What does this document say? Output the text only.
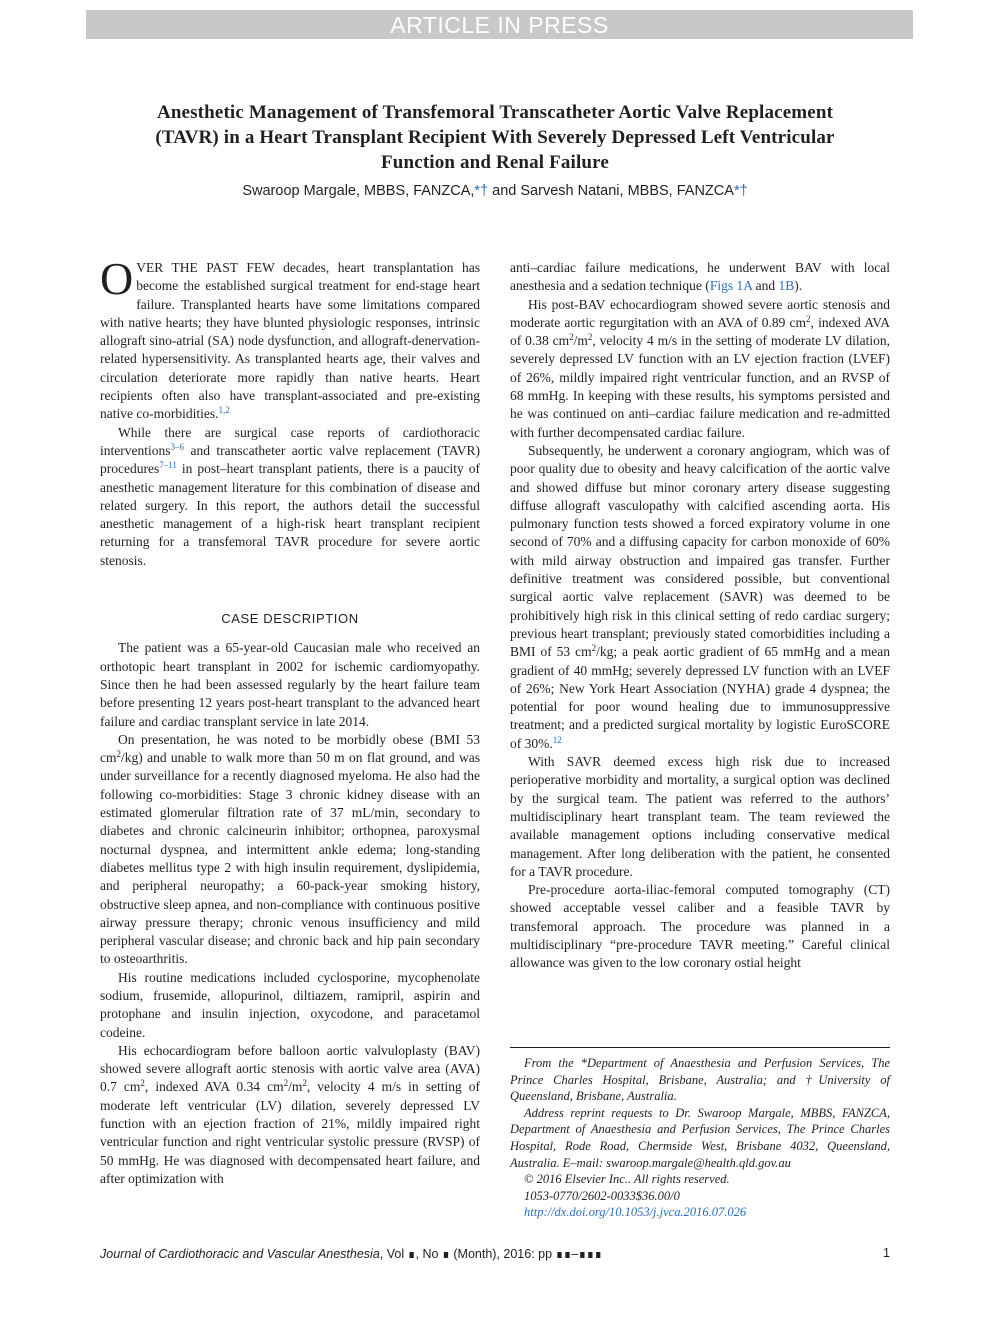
ARTICLE IN PRESS
Anesthetic Management of Transfemoral Transcatheter Aortic Valve Replacement
(TAVR) in a Heart Transplant Recipient With Severely Depressed Left Ventricular
Function and Renal Failure
Swaroop Margale, MBBS, FANZCA,*† and Sarvesh Natani, MBBS, FANZCA*†

OVER THE PAST FEW decades, heart transplantation has become the established surgical treatment for end-stage heart failure. Transplanted hearts have some limitations compared with native hearts; they have blunted physiologic responses, intrinsic allograft sino-atrial (SA) node dysfunction, and allograft-denervation-related hypersensitivity. As transplanted hearts age, their valves and circulation deteriorate more rapidly than native hearts. Heart recipients often also have transplant-associated and pre-existing native co-morbidities.$^{1,2}$

While there are surgical case reports of cardiothoracic interventions$^{3-6}$ and transcatheter aortic valve replacement (TAVR) procedures$^{7-11}$ in post–heart transplant patients, there is a paucity of anesthetic management literature for this combination of disease and related surgery. In this report, the authors detail the successful anesthetic management of a high-risk heart transplant recipient returning for a transfemoral TAVR procedure for severe aortic stenosis.

CASE DESCRIPTION

The patient was a 65-year-old Caucasian male who received an orthotopic heart transplant in 2002 for ischemic cardiomyopathy. Since then he had been assessed regularly by the heart failure team before presenting 12 years post-heart transplant to the advanced heart failure and cardiac transplant service in late 2014.

On presentation, he was noted to be morbidly obese (BMI 53 $cm^2/kg$) and unable to walk more than 50 m on flat ground, and was under surveillance for a recently diagnosed myeloma. He also had the following co-morbidities: Stage 3 chronic kidney disease with an estimated glomerular filtration rate of 37 mL/min, secondary to diabetes and chronic calcineurin inhibitor; orthopnea, paroxysmal nocturnal dyspnea, and intermittent ankle edema; long-standing diabetes mellitus type 2 with high insulin requirement, dyslipidemia, and peripheral neuropathy; a 60-pack-year smoking history, obstructive sleep apnea, and non-compliance with continuous positive airway pressure therapy; chronic venous insufficiency and mild peripheral vascular disease; and chronic back and hip pain secondary to osteoarthritis.

His routine medications included cyclosporine, mycophenolate sodium, frusemide, allopurinol, diltiazem, ramipril, aspirin and protophane and insulin injection, oxycodone, and paracetamol codeine.

His echocardiogram before balloon aortic valvuloplasty (BAV) showed severe allograft aortic stenosis with aortic valve area (AVA) 0.7 $cm^2$, indexed AVA 0.34 $cm^2/m^2$, velocity 4 m/s in setting of moderate left ventricular (LV) dilation, severely depressed LV function with an ejection fraction of 21%, mildly impaired right ventricular function and right ventricular systolic pressure (RVSP) of 50 mmHg. He was diagnosed with decompensated heart failure, and after optimization with

anti–cardiac failure medications, he underwent BAV with local anesthesia and a sedation technique (Figs 1A and 1B).

His post-BAV echocardiogram showed severe aortic stenosis and moderate aortic regurgitation with an AVA of 0.89 $cm^2$, indexed AVA of 0.38 $cm^2/m^2$, velocity 4 m/s in the setting of moderate LV dilation, severely depressed LV function with an LV ejection fraction (LVEF) of 26%, mildly impaired right ventricular function, and an RVSP of 68 mmHg. In keeping with these results, his symptoms persisted and he was continued on anti–cardiac failure medication and re-admitted with further decompensated cardiac failure.

Subsequently, he underwent a coronary angiogram, which was of poor quality due to obesity and heavy calcification of the aortic valve and showed diffuse but minor coronary artery disease suggesting diffuse allograft vasculopathy with calcified ascending aorta. His pulmonary function tests showed a forced expiratory volume in one second of 70% and a diffusing capacity for carbon monoxide of 60% with mild airway obstruction and impaired gas transfer. Further definitive treatment was considered possible, but conventional surgical aortic valve replacement (SAVR) was deemed to be prohibitively high risk in this clinical setting of redo cardiac surgery; previous heart transplant; previously stated comorbidities including a BMI of 53 $cm^2/kg$; a peak aortic gradient of 65 mmHg and a mean gradient of 40 mmHg; severely depressed LV function with an LVEF of 26%; New York Heart Association (NYHA) grade 4 dyspnea; the potential for poor wound healing due to immunosuppressive treatment; and a predicted surgical mortality by logistic EuroSCORE of 30%.$^{12}$

With SAVR deemed excess high risk due to increased perioperative morbidity and mortality, a surgical option was declined by the surgical team. The patient was referred to the authors’ multidisciplinary heart transplant team. The team reviewed the available management options including conservative medical management. After long deliberation with the patient, he consented for a TAVR procedure.

Pre-procedure aorta-iliac-femoral computed tomography (CT) showed acceptable vessel caliber and a feasible TAVR by transfemoral approach. The procedure was planned in a multidisciplinary “pre-procedure TAVR meeting.” Careful clinical allowance was given to the low coronary ostial height

From the *Department of Anaesthesia and Perfusion Services, The Prince Charles Hospital, Brisbane, Australia; and †University of Queensland, Brisbane, Australia.

Address reprint requests to Dr. Swaroop Margale, MBBS, FANZCA, Department of Anaesthesia and Perfusion Services, The Prince Charles Hospital, Rode Road, Chermside West, Brisbane 4032, Queensland, Australia. E–mail: swaroop.margale@health.qld.gov.au

© 2016 Elsevier Inc.. All rights reserved.

1053-0770/2602-0033$36.00/0

http://dx.doi.org/10.1053/j.jvca.2016.07.026

Journal of Cardiothoracic and Vascular Anesthesia, Vol ∎, No ∎ (Month), 2016: pp ∎∎–∎∎∎	1
